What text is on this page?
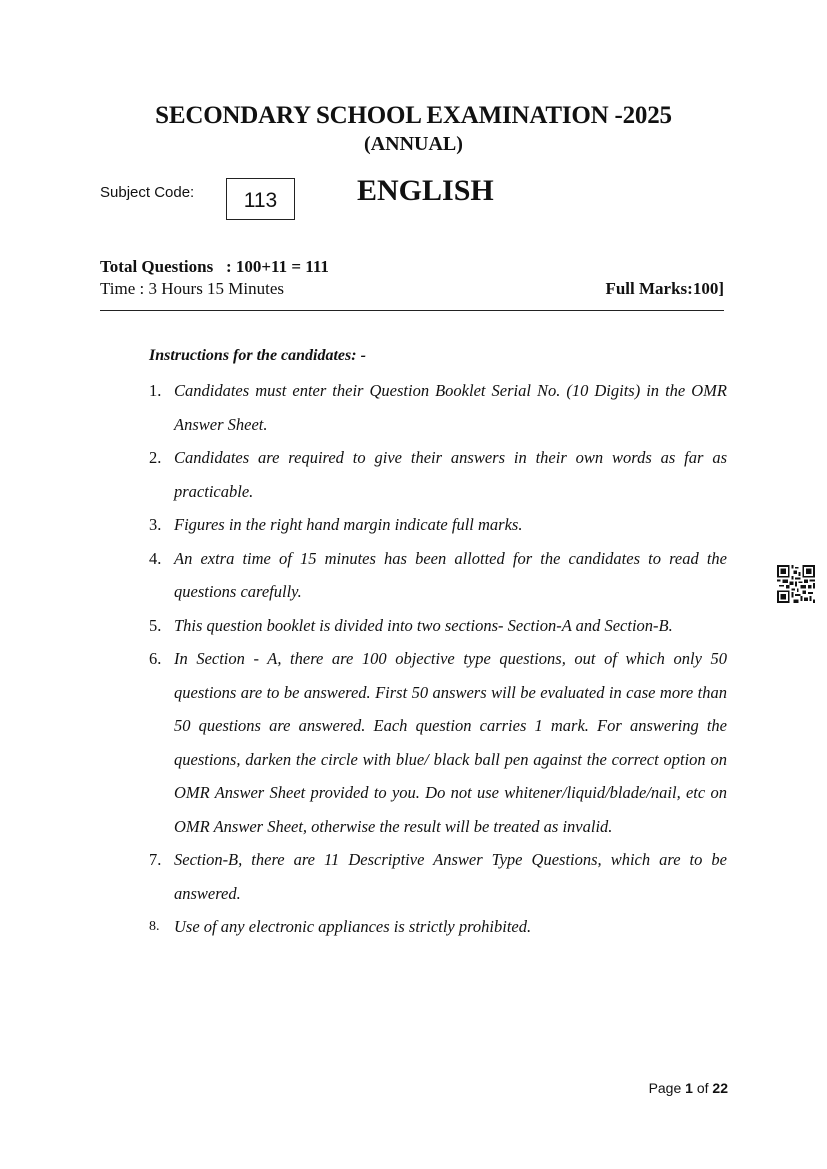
SECONDARY SCHOOL EXAMINATION -2025
(ANNUAL)
Subject Code:	113	ENGLISH
Total Questions   : 100+11 = 111
Time : 3 Hours 15 Minutes	Full Marks:100]
Instructions for the candidates: -
1. Candidates must enter their Question Booklet Serial No. (10 Digits) in the OMR Answer Sheet.
2. Candidates are required to give their answers in their own words as far as practicable.
3. Figures in the right hand margin indicate full marks.
4. An extra time of 15 minutes has been allotted for the candidates to read the questions carefully.
5. This question booklet is divided into two sections- Section-A and Section-B.
6. In Section - A, there are 100 objective type questions, out of which only 50 questions are to be answered. First 50 answers will be evaluated in case more than 50 questions are answered. Each question carries 1 mark. For answering the questions, darken the circle with blue/ black ball pen against the correct option on OMR Answer Sheet provided to you. Do not use whitener/liquid/blade/nail, etc on OMR Answer Sheet, otherwise the result will be treated as invalid.
7. Section-B, there are 11 Descriptive Answer Type Questions, which are to be answered.
8. Use of any electronic appliances is strictly prohibited.
Page 1 of 22
